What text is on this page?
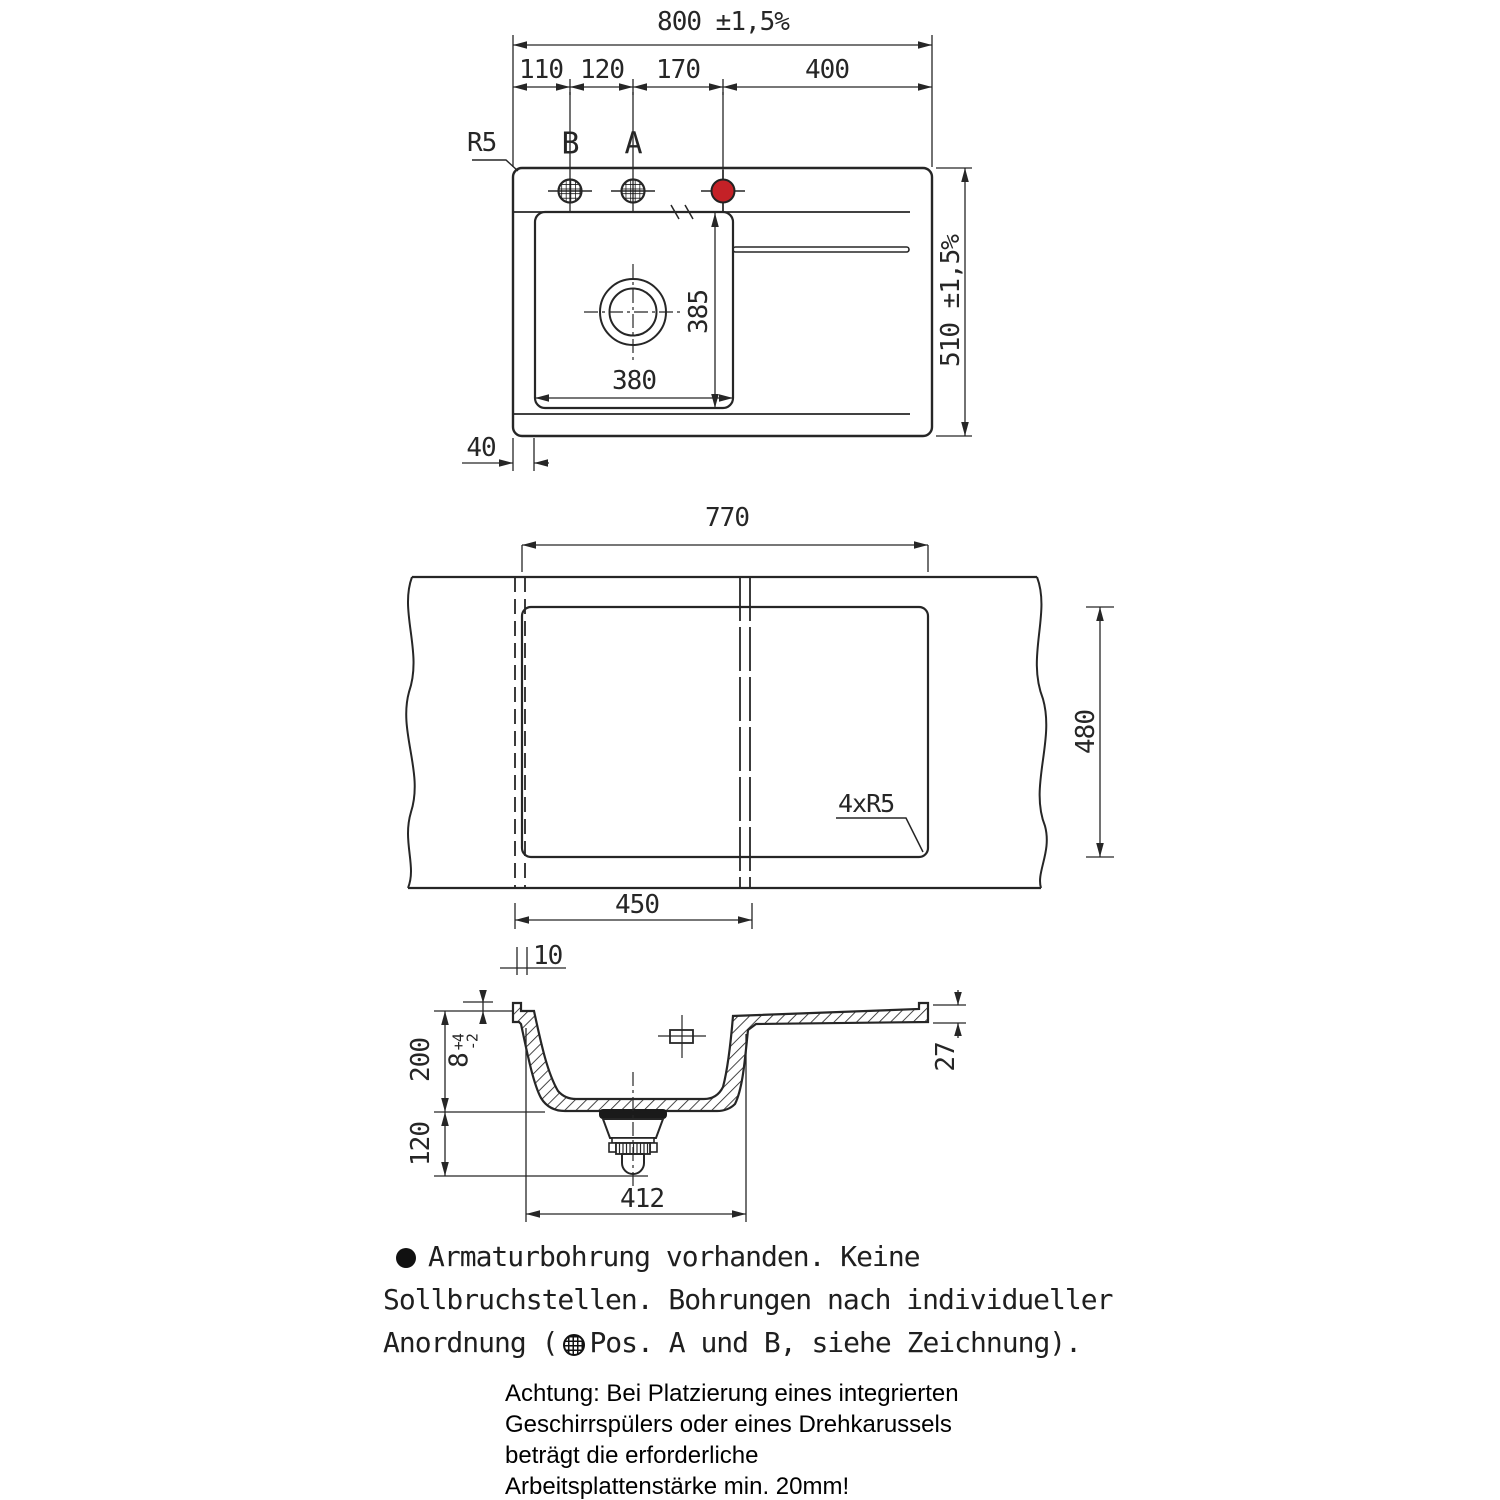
800 ±1,5%
110 120 170	400
R5 B A
510 ±1,5%
385
380
40
770
480
4xR5
450
10
200
120
8
+4
-2
27
412
Armaturbohrung vorhanden. Keine
Sollbruchstellen. Bohrungen nach individueller
Anordnung ( Pos. A und B, siehe Zeichnung).
Achtung: Bei Platzierung eines integrierten
Geschirrspülers oder eines Drehkarussels
beträgt die erforderliche
Arbeitsplattenstärke min. 20mm!
